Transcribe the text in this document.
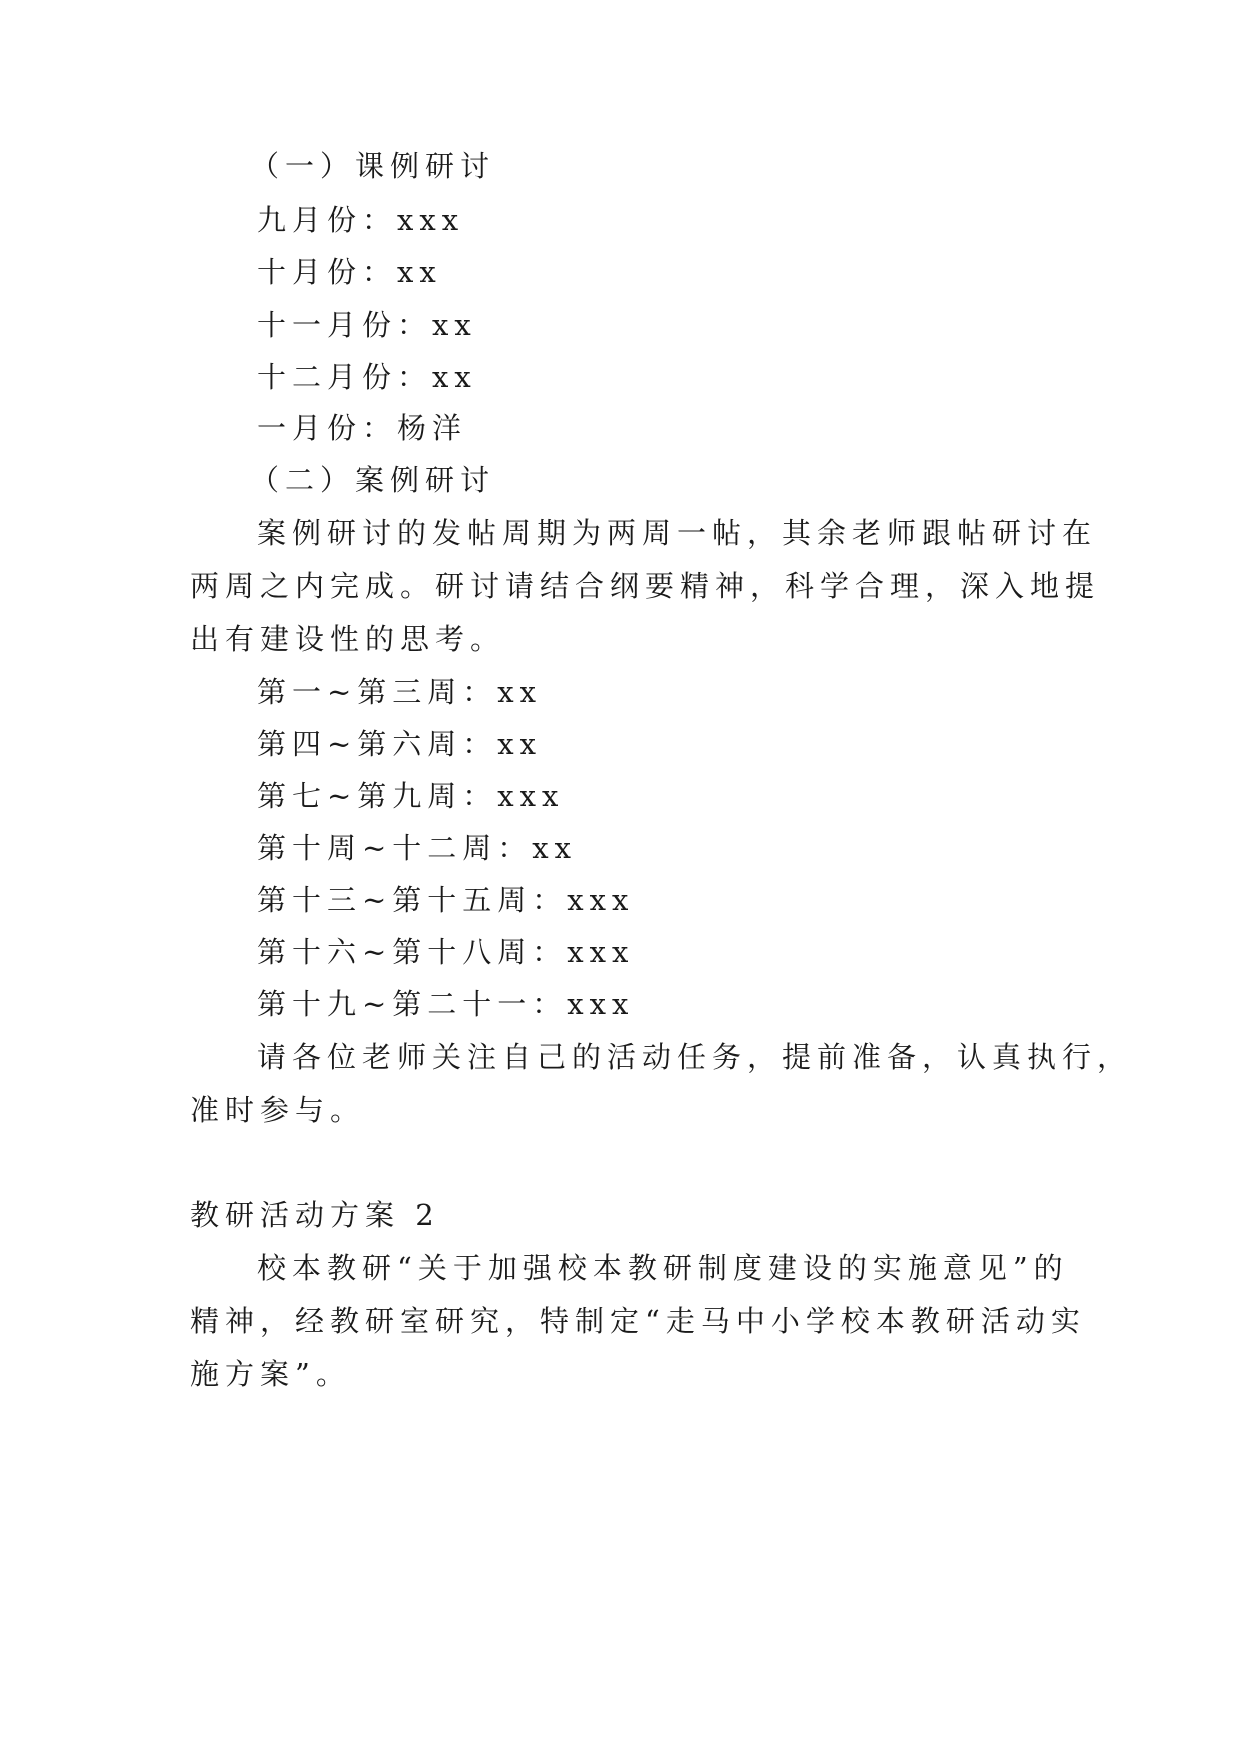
（一）课例研讨
九月份：xxx
十月份：xx
十一月份：xx
十二月份：xx
一月份：杨洋
（二）案例研讨
案例研讨的发帖周期为两周一帖，其余老师跟帖研讨在
两周之内完成。研讨请结合纲要精神，科学合理，深入地提
出有建设性的思考。
第一~第三周：xx
第四~第六周：xx
第七~第九周：xxx
第十周~十二周：xx
第十三~第十五周：xxx
第十六~第十八周：xxx
第十九~第二十一：xxx
请各位老师关注自己的活动任务，提前准备，认真执行，
准时参与。
教研活动方案 2
校本教研“关于加强校本教研制度建设的实施意见”的
精神，经教研室研究，特制定“走马中小学校本教研活动实
施方案”。
